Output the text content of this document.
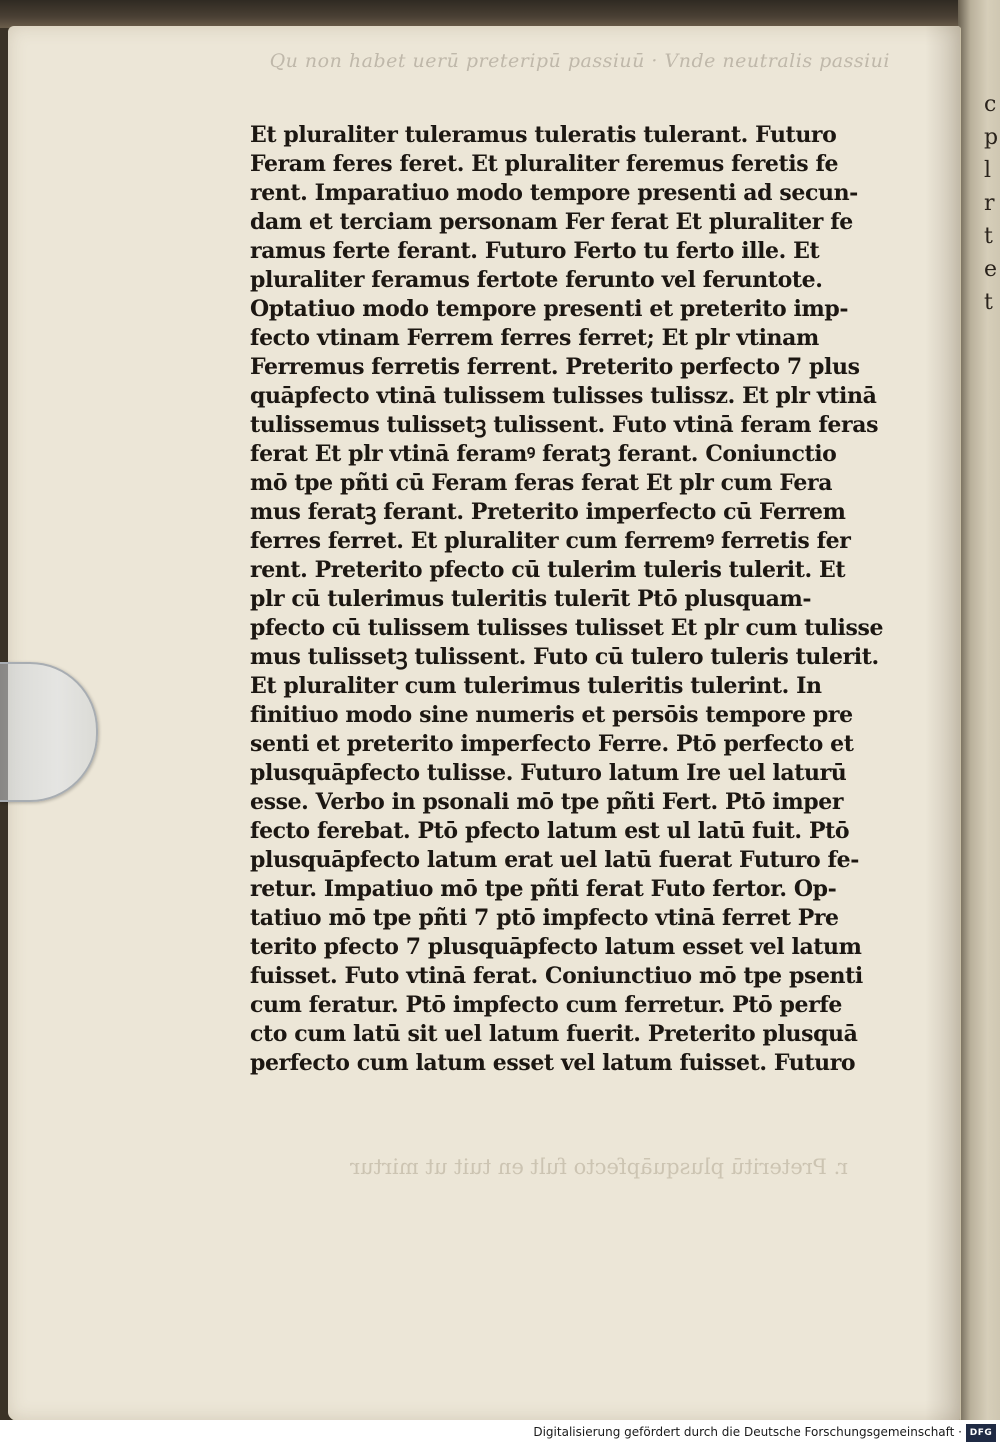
c
p
l
r
t
e
t
Qu non habet uerū preteripū passiuū · Vnde neutralis passiui
Et pluraliter tuleramus tuleratis tulerant. Futuro
Feram feres feret. Et pluraliter feremus feretis fe
rent. Imparatiuo modo tempore presenti ad secun-
dam et terciam personam Fer ferat Et pluraliter fe
ramus ferte ferant. Futuro Ferto tu ferto ille. Et
pluraliter feramus fertote ferunto vel feruntote.
Optatiuo modo tempore presenti et preterito imp-
fecto vtinam Ferrem ferres ferret; Et plr vtinam
Ferremus ferretis ferrent. Preterito perfecto 7 plus
quāpfecto vtinā tulissem tulisses tulissz. Et plr vtinā
tulissemus tulissetꝫ tulissent. Futo vtinā feram feras
ferat Et plr vtinā feramꝰ feratꝫ ferant. Coniunctio
mō tpe pñti cū Feram feras ferat Et plr cum Fera
mus feratꝫ ferant. Preterito imperfecto cū Ferrem
ferres ferret. Et pluraliter cum ferremꝰ ferretis fer
rent. Preterito pfecto cū tulerim tuleris tulerit. Et
plr cū tulerimus tuleritis tulerīt Ptō plusquam-
pfecto cū tulissem tulisses tulisset Et plr cum tulisse
mus tulissetꝫ tulissent. Futo cū tulero tuleris tulerit.
Et pluraliter cum tulerimus tuleritis tulerint. In
finitiuo modo sine numeris et persōis tempore pre
senti et preterito imperfecto Ferre. Ptō perfecto et
plusquāpfecto tulisse. Futuro latum Ire uel laturū
esse. Verbo in psonali mō tpe pñti Fert. Ptō imper
fecto ferebat. Ptō pfecto latum est ul latū fuit. Ptō
plusquāpfecto latum erat uel latū fuerat Futuro fe-
retur. Impatiuo mō tpe pñti ferat Futo fertor. Op-
tatiuo mō tpe pñti 7 ptō impfecto vtinā ferret Pre
terito pfecto 7 plusquāpfecto latum esset vel latum
fuisset. Futo vtinā ferat. Coniunctiuo mō tpe psenti
cum feratur. Ptō impfecto cum ferretur. Ptō perfe
cto cum latū sit uel latum fuerit. Preterito plusquā
perfecto cum latum esset vel latum fuisset. Futuro
r. Preteritū plusquāpfecto fult en tuit ut mirtur
Digitalisierung gefördert durch die Deutsche Forschungsgemeinschaft · DFG
